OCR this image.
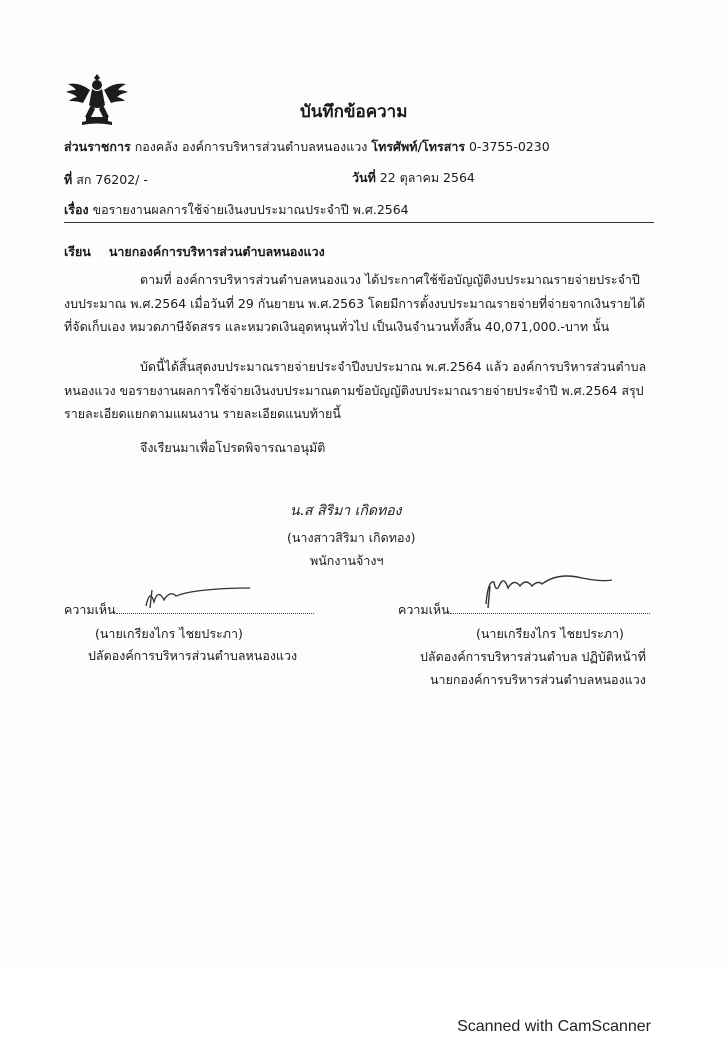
บันทึกข้อความ
ส่วนราชการ กองคลัง องค์การบริหารส่วนตำบลหนองแวง โทรศัพท์/โทรสาร 0-3755-0230
ที่ สก 76202/ -	วันที่ 22 ตุลาคม 2564
เรื่อง ขอรายงานผลการใช้จ่ายเงินงบประมาณประจำปี พ.ศ.2564
เรียน นายกองค์การบริหารส่วนตำบลหนองแวง
ตามที่ องค์การบริหารส่วนตำบลหนองแวง ได้ประกาศใช้ข้อบัญญัติงบประมาณรายจ่ายประจำปี
งบประมาณ พ.ศ.2564 เมื่อวันที่ 29 กันยายน พ.ศ.2563 โดยมีการตั้งงบประมาณรายจ่ายที่จ่ายจากเงินรายได้
ที่จัดเก็บเอง หมวดภาษีจัดสรร และหมวดเงินอุดหนุนทั่วไป เป็นเงินจำนวนทั้งสิ้น 40,071,000.-บาท นั้น
บัดนี้ได้สิ้นสุดงบประมาณรายจ่ายประจำปีงบประมาณ พ.ศ.2564 แล้ว องค์การบริหารส่วนตำบล
หนองแวง ขอรายงานผลการใช้จ่ายเงินงบประมาณตามข้อบัญญัติงบประมาณรายจ่ายประจำปี พ.ศ.2564 สรุป
รายละเอียดแยกตามแผนงาน รายละเอียดแนบท้ายนี้
จึงเรียนมาเพื่อโปรดพิจารณาอนุมัติ
น.ส สิริมา เกิดทอง
(นางสาวสิริมา เกิดทอง)
พนักงานจ้างฯ
ความเห็น
(นายเกรียงไกร ไชยประภา)
ปลัดองค์การบริหารส่วนตำบลหนองแวง
ความเห็น
(นายเกรียงไกร ไชยประภา)
ปลัดองค์การบริหารส่วนตำบล ปฏิบัติหน้าที่
นายกองค์การบริหารส่วนตำบลหนองแวง
Scanned with CamScanner
